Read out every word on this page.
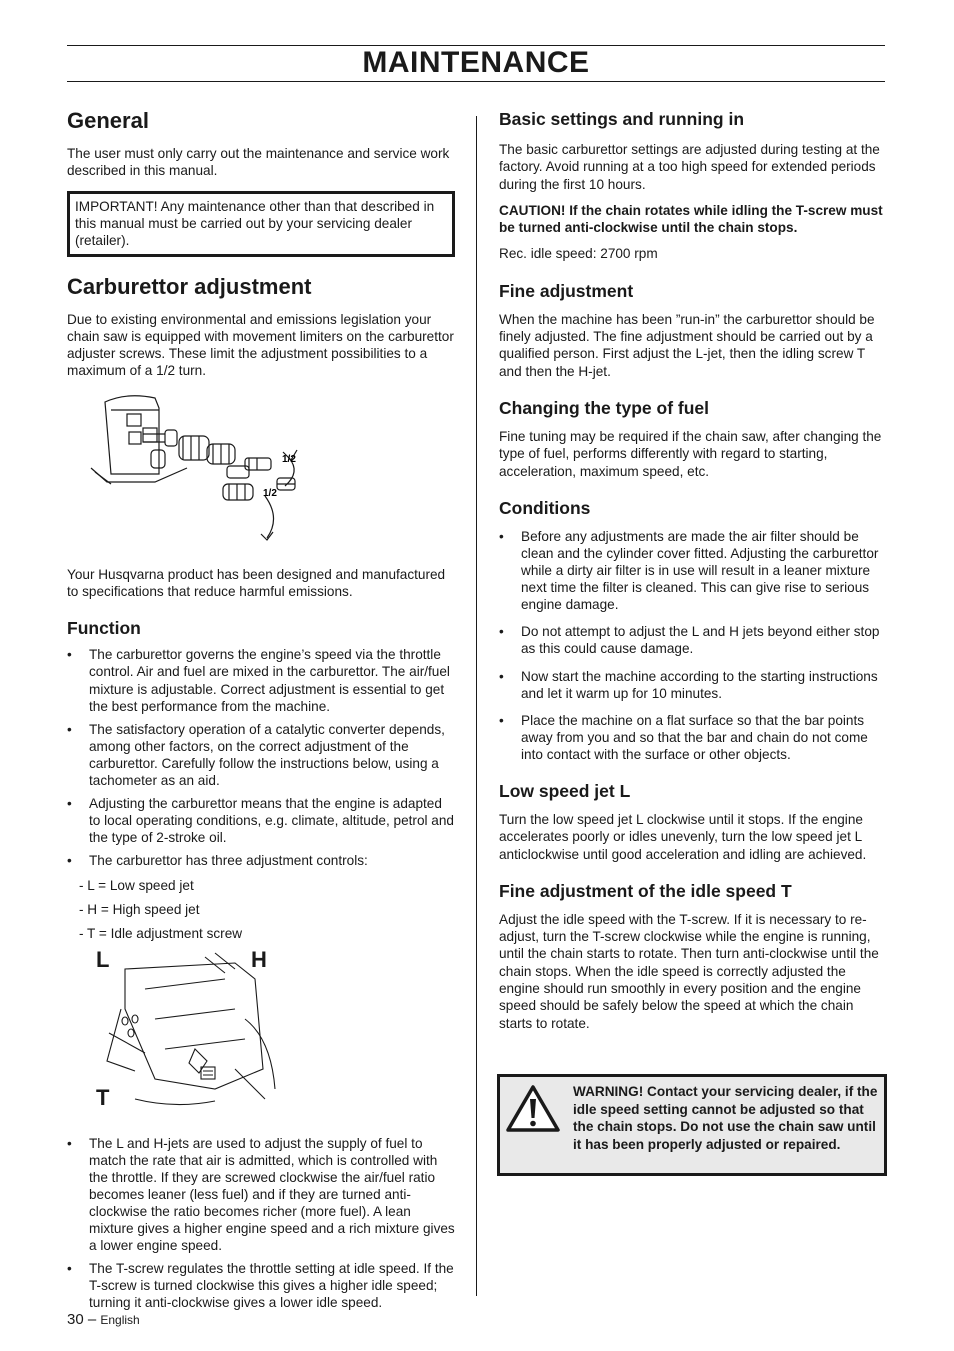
MAINTENANCE
General

The user must only carry out the maintenance and service work described in this manual.

IMPORTANT! Any maintenance other than that described in this manual must be carried out by your servicing dealer (retailer).
Carburettor adjustment

Due to existing environmental and emissions legislation your chain saw is equipped with movement limiters on the carburettor adjuster screws. These limit the adjustment possibilities to a maximum of a 1/2 turn.

1/2
1/2

Your Husqvarna product has been designed and manufactured to specifications that reduce harmful emissions.

Function
• The carburettor governs the engine’s speed via the throttle control. Air and fuel are mixed in the carburettor. The air/fuel mixture is adjustable. Correct adjustment is essential to get the best performance from the machine.
• The satisfactory operation of a catalytic converter depends, among other factors, on the correct adjustment of the carburettor. Carefully follow the instructions below, using a tachometer as an aid.
• Adjusting the carburettor means that the engine is adapted to local operating conditions, e.g. climate, altitude, petrol and the type of 2-stroke oil.
• The carburettor has three adjustment controls:
- L = Low speed jet
- H = High speed jet
- T = Idle adjustment screw
L	H
T
• The L and H-jets are used to adjust the supply of fuel to match the rate that air is admitted, which is controlled with the throttle. If they are screwed clockwise the air/fuel ratio becomes leaner (less fuel) and if they are turned anti-clockwise the ratio becomes richer (more fuel). A lean mixture gives a higher engine speed and a rich mixture gives a lower engine speed.
• The T-screw regulates the throttle setting at idle speed. If the T-screw is turned clockwise this gives a higher idle speed; turning it anti-clockwise gives a lower idle speed.
Basic settings and running in

The basic carburettor settings are adjusted during testing at the factory. Avoid running at a too high speed for extended periods during the first 10 hours.

CAUTION! If the chain rotates while idling the T-screw must be turned anti-clockwise until the chain stops.

Rec. idle speed: 2700 rpm

Fine adjustment

When the machine has been ”run-in” the carburettor should be finely adjusted. The fine adjustment should be carried out by a qualified person. First adjust the L-jet, then the idling screw T and then the H-jet.

Changing the type of fuel

Fine tuning may be required if the chain saw, after changing the type of fuel, performs differently with regard to starting, acceleration, maximum speed, etc.

Conditions
• Before any adjustments are made the air filter should be clean and the cylinder cover fitted. Adjusting the carburettor while a dirty air filter is in use will result in a leaner mixture next time the filter is cleaned. This can give rise to serious engine damage.
• Do not attempt to adjust the L and H jets beyond either stop as this could cause damage.
• Now start the machine according to the starting instructions and let it warm up for 10 minutes.
• Place the machine on a flat surface so that the bar points away from you and so that the bar and chain do not come into contact with the surface or other objects.
Low speed jet L

Turn the low speed jet L clockwise until it stops. If the engine accelerates poorly or idles unevenly, turn the low speed jet L anticlockwise until good acceleration and idling are achieved.

Fine adjustment of the idle speed T

Adjust the idle speed with the T-screw. If it is necessary to re-adjust, turn the T-screw clockwise while the engine is running, until the chain starts to rotate. Then turn anti-clockwise until the chain stops. When the idle speed is correctly adjusted the engine should run smoothly in every position and the engine speed should be safely below the speed at which the chain starts to rotate.

WARNING! Contact your servicing dealer, if the idle speed setting cannot be adjusted so that the chain stops. Do not use the chain saw until it has been properly adjusted or repaired.
30 – English
